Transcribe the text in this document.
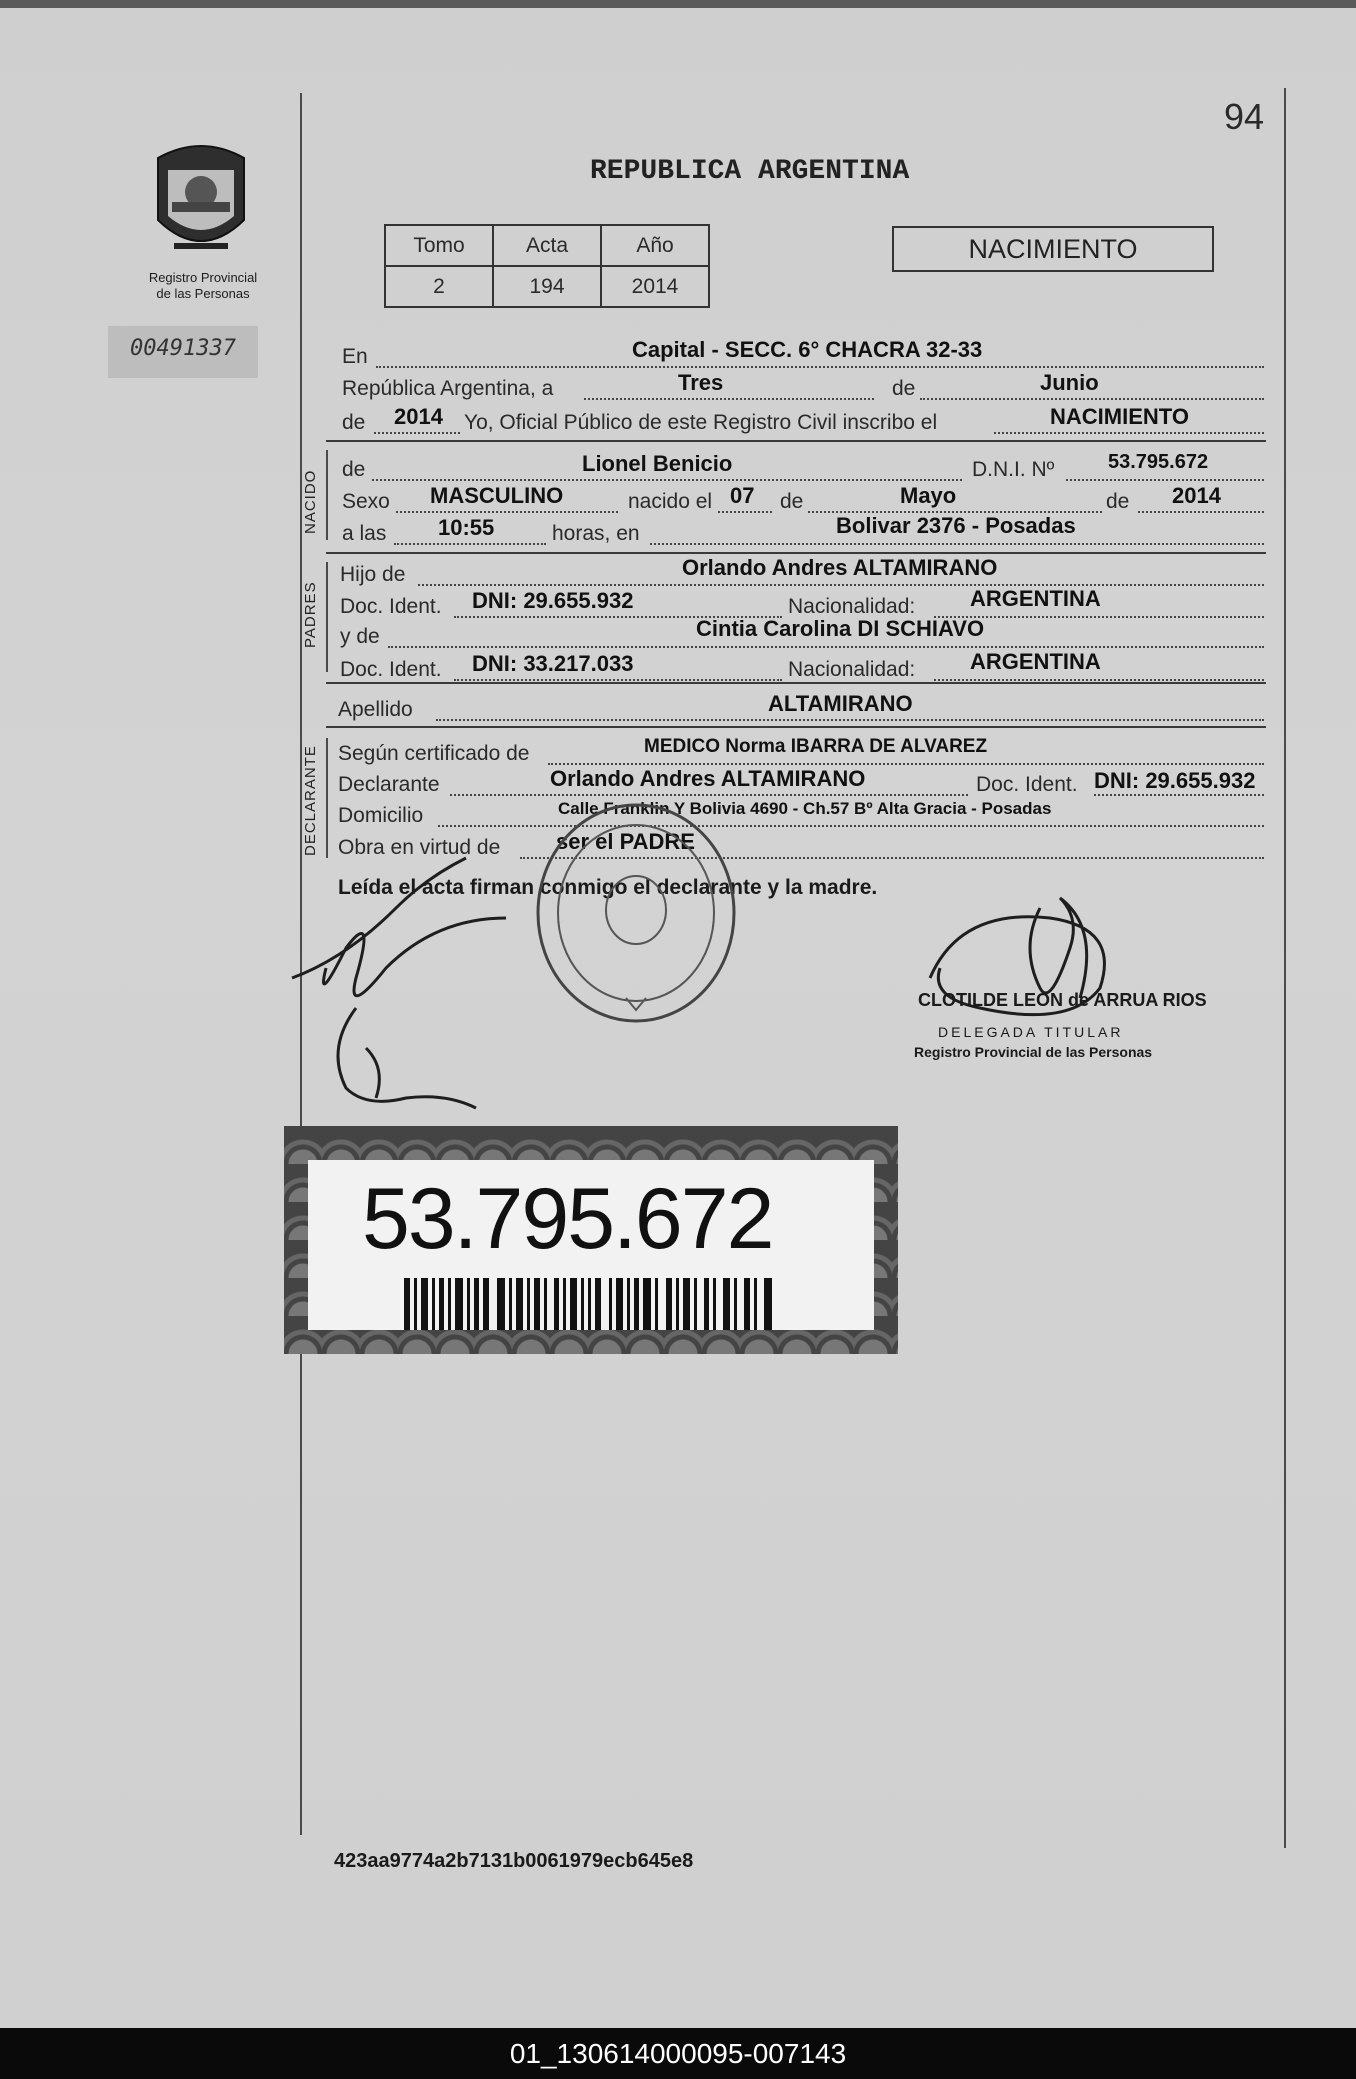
94
Registro Provincial
de las Personas
00491337
REPUBLICA ARGENTINA
Tomo	Acta	Año
2	194	2014
NACIMIENTO
En	Capital - SECC. 6° CHACRA 32-33
República Argentina, a	Tres	de	Junio
de 2014 Yo, Oficial Público de este Registro Civil inscribo el	NACIMIENTO
NACIDO
de	Lionel Benicio	D.N.I. Nº	53.795.672
Sexo MASCULINO	nacido el 07 de	Mayo	de 2014
a las 10:55	horas, en	Bolivar 2376 - Posadas
PADRES
Hijo de	Orlando Andres ALTAMIRANO
Doc. Ident. DNI: 29.655.932	Nacionalidad: ARGENTINA
y de	Cintia Carolina DI SCHIAVO
Doc. Ident. DNI: 33.217.033	Nacionalidad: ARGENTINA
Apellido	ALTAMIRANO
DECLARANTE Según certificado de	MEDICO Norma IBARRA DE ALVAREZ
Declarante	Orlando Andres ALTAMIRANO	Doc. Ident. DNI: 29.655.932
Domicilio	Calle Franklin Y Bolivia 4690 - Ch.57 Bº Alta Gracia - Posadas
Obra en virtud de	ser el PADRE
Leída el acta firman conmigo el declarante y la madre.
CLOTILDE LEON de ARRUA RIOS
DELEGADA TITULAR
Registro Provincial de las Personas
53.795.672
423aa9774a2b7131b0061979ecb645e8
01_130614000095-007143
